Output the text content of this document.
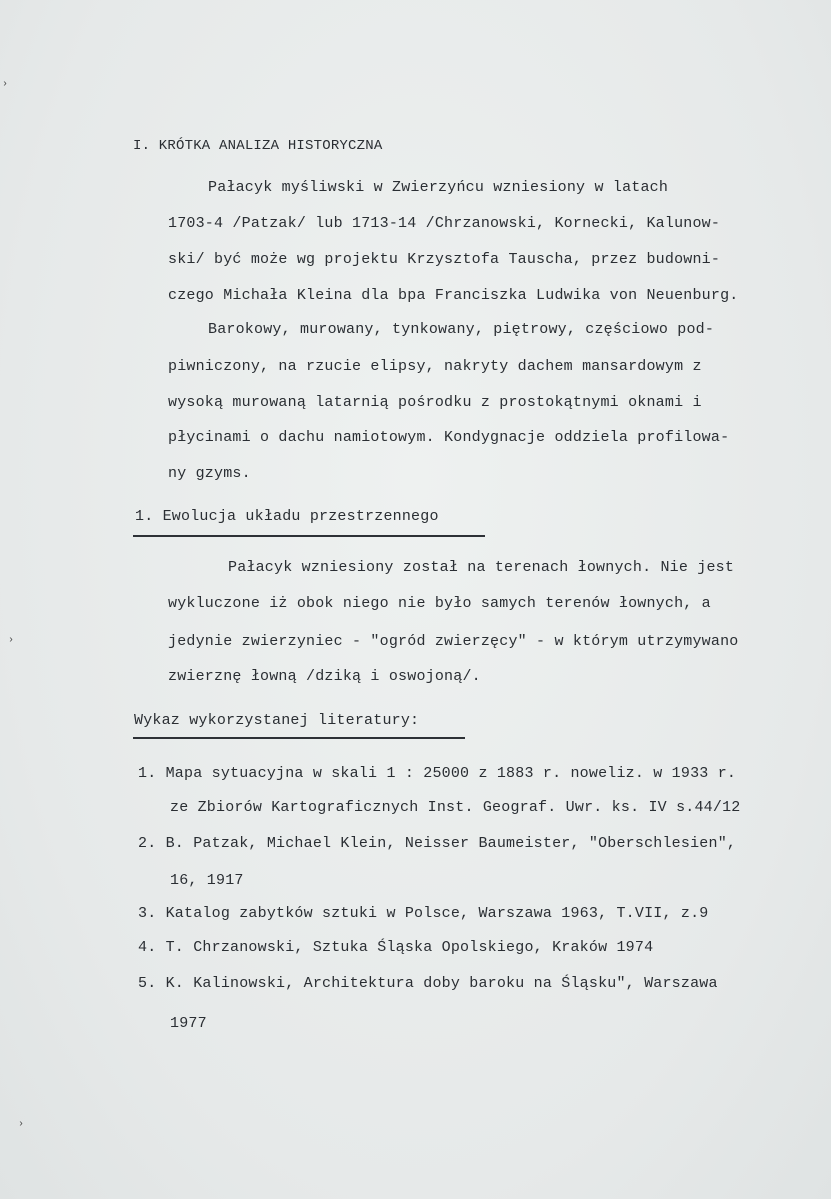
›
›
›
I. KRÓTKA ANALIZA HISTORYCZNA
Pałacyk myśliwski w Zwierzyńcu wzniesiony w latach
1703-4 /Patzak/ lub 1713-14 /Chrzanowski, Kornecki, Kalunow-
ski/ być może wg projektu Krzysztofa Tauscha, przez budowni-
czego Michała Kleina dla bpa Franciszka Ludwika von Neuenburg.
Barokowy, murowany, tynkowany, piętrowy, częściowo pod-
piwniczony, na rzucie elipsy, nakryty dachem mansardowym z
wysoką murowaną latarnią pośrodku z prostokątnymi oknami i
płycinami o dachu namiotowym. Kondygnacje oddziela profilowa-
ny gzyms.
1. Ewolucja układu przestrzennego
Pałacyk wzniesiony został na terenach łownych. Nie jest
wykluczone iż obok niego nie było samych terenów łownych, a
jedynie zwierzyniec - "ogród zwierzęcy" - w którym utrzymywano
zwierznę łowną /dziką i oswojoną/.
Wykaz wykorzystanej literatury:
1. Mapa sytuacyjna w skali 1 : 25000 z 1883 r. noweliz. w 1933 r.
ze Zbiorów Kartograficznych Inst. Geograf. Uwr. ks. IV s.44/12
2. B. Patzak, Michael Klein, Neisser Baumeister, "Oberschlesien",
16, 1917
3. Katalog zabytków sztuki w Polsce, Warszawa 1963, T.VII, z.9
4. T. Chrzanowski, Sztuka Śląska Opolskiego, Kraków 1974
5. K. Kalinowski, Architektura doby baroku na Śląsku", Warszawa
1977
